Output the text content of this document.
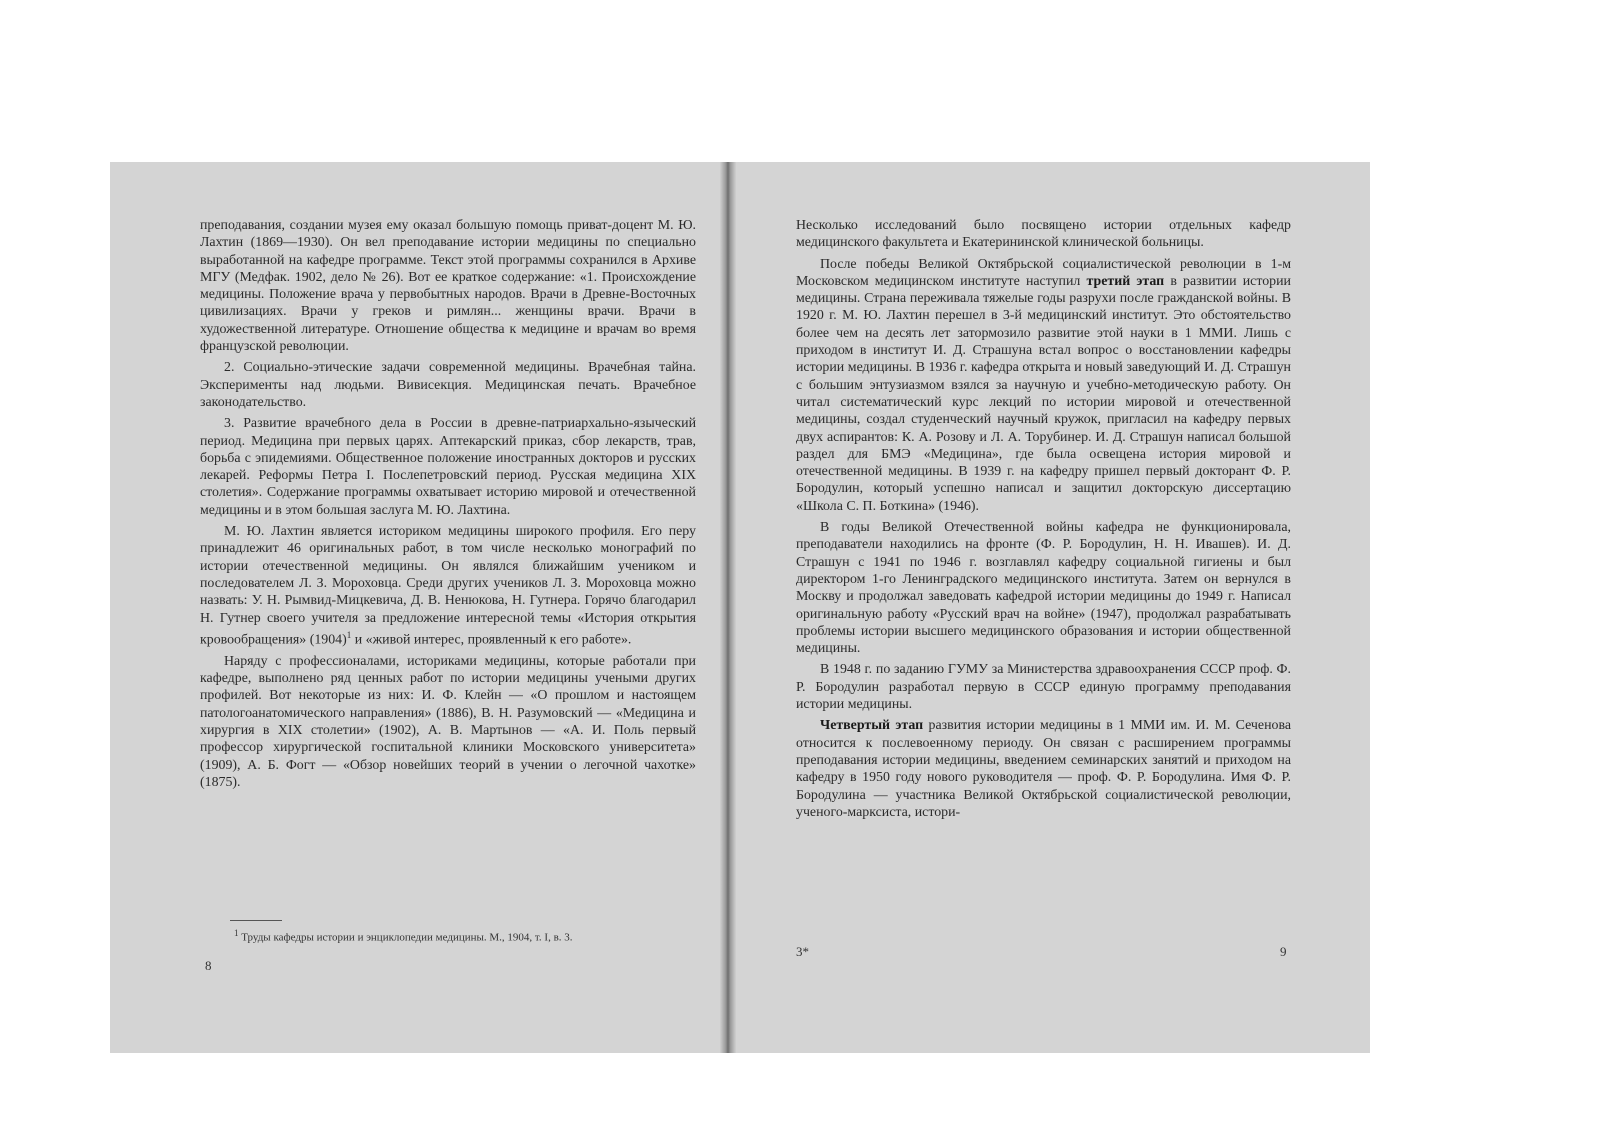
преподавания, создании музея ему оказал большую помощь приват-доцент М. Ю. Лахтин (1869—1930). Он вел преподавание истории медицины по специально выработанной на кафедре программе. Текст этой программы сохранился в Архиве МГУ (Медфак. 1902, дело № 26). Вот ее краткое содержание: «1. Происхождение медицины. Положение врача у первобытных народов. Врачи в Древне-Восточных цивилизациях. Врачи у греков и римлян... женщины врачи. Врачи в художественной литературе. Отношение общества к медицине и врачам во время французской революции.

2. Социально-этические задачи современной медицины. Врачебная тайна. Эксперименты над людьми. Вивисекция. Медицинская печать. Врачебное законодательство.

3. Развитие врачебного дела в России в древне-патриархально-языческий период. Медицина при первых царях. Аптекарский приказ, сбор лекарств, трав, борьба с эпидемиями. Общественное положение иностранных докторов и русских лекарей. Реформы Петра I. Послепетровский период. Русская медицина XIX столетия». Содержание программы охватывает историю мировой и отечественной медицины и в этом большая заслуга М. Ю. Лахтина.

М. Ю. Лахтин является историком медицины широкого профиля. Его перу принадлежит 46 оригинальных работ, в том числе несколько монографий по истории отечественной медицины. Он являлся ближайшим учеником и последователем Л. З. Мороховца. Среди других учеников Л. З. Мороховца можно назвать: У. Н. Рымвид-Мицкевича, Д. В. Ненюкова, Н. Гутнера. Горячо благодарил Н. Гутнер своего учителя за предложение интересной темы «История открытия кровообращения» $(1904)^1$ и «живой интерес, проявленный к его работе».

Наряду с профессионалами, историками медицины, которые работали при кафедре, выполнено ряд ценных работ по истории медицины учеными других профилей. Вот некоторые из них: И. Ф. Клейн — «О прошлом и настоящем патологоанатомического направления» (1886), В. Н. Разумовский — «Медицина и хирургия в XIX столетии» (1902), А. В. Мартынов — «А. И. Поль первый профессор хирургической госпитальной клиники Московского университета» (1909), А. Б. Фогт — «Обзор новейших теорий в учении о легочной чахотке» (1875).

$^1$ Труды кафедры истории и энциклопедии медицины. М., 1904, т. I, в. 3.
8

Несколько исследований было посвящено истории отдельных кафедр медицинского факультета и Екатерининской клинической больницы.

После победы Великой Октябрьской социалистической революции в 1-м Московском медицинском институте наступил третий этап в развитии истории медицины. Страна переживала тяжелые годы разрухи после гражданской войны. В 1920 г. М. Ю. Лахтин перешел в 3-й медицинский институт. Это обстоятельство более чем на десять лет затормозило развитие этой науки в 1 ММИ. Лишь с приходом в институт И. Д. Страшуна встал вопрос о восстановлении кафедры истории медицины. В 1936 г. кафедра открыта и новый заведующий И. Д. Страшун с большим энтузиазмом взялся за научную и учебно-методическую работу. Он читал систематический курс лекций по истории мировой и отечественной медицины, создал студенческий научный кружок, пригласил на кафедру первых двух аспирантов: К. А. Розову и Л. А. Торубинер. И. Д. Страшун написал большой раздел для БМЭ «Медицина», где была освещена история мировой и отечественной медицины. В 1939 г. на кафедру пришел первый докторант Ф. Р. Бородулин, который успешно написал и защитил докторскую диссертацию «Школа С. П. Боткина» (1946).

В годы Великой Отечественной войны кафедра не функционировала, преподаватели находились на фронте (Ф. Р. Бородулин, Н. Н. Ивашев). И. Д. Страшун с 1941 по 1946 г. возглавлял кафедру социальной гигиены и был директором 1-го Ленинградского медицинского института. Затем он вернулся в Москву и продолжал заведовать кафедрой истории медицины до 1949 г. Написал оригинальную работу «Русский врач на войне» (1947), продолжал разрабатывать проблемы истории высшего медицинского образования и истории общественной медицины.

В 1948 г. по заданию ГУМУ за Министерства здравоохранения СССР проф. Ф. Р. Бородулин разработал первую в СССР единую программу преподавания истории медицины.

Четвертый этап развития истории медицины в 1 ММИ им. И. М. Сеченова относится к послевоенному периоду. Он связан с расширением программы преподавания истории медицины, введением семинарских занятий и приходом на кафедру в 1950 году нового руководителя — проф. Ф. Р. Бородулина. Имя Ф. Р. Бородулина — участника Великой Октябрьской социалистической революции, ученого-марксиста, истори-

3*	9
